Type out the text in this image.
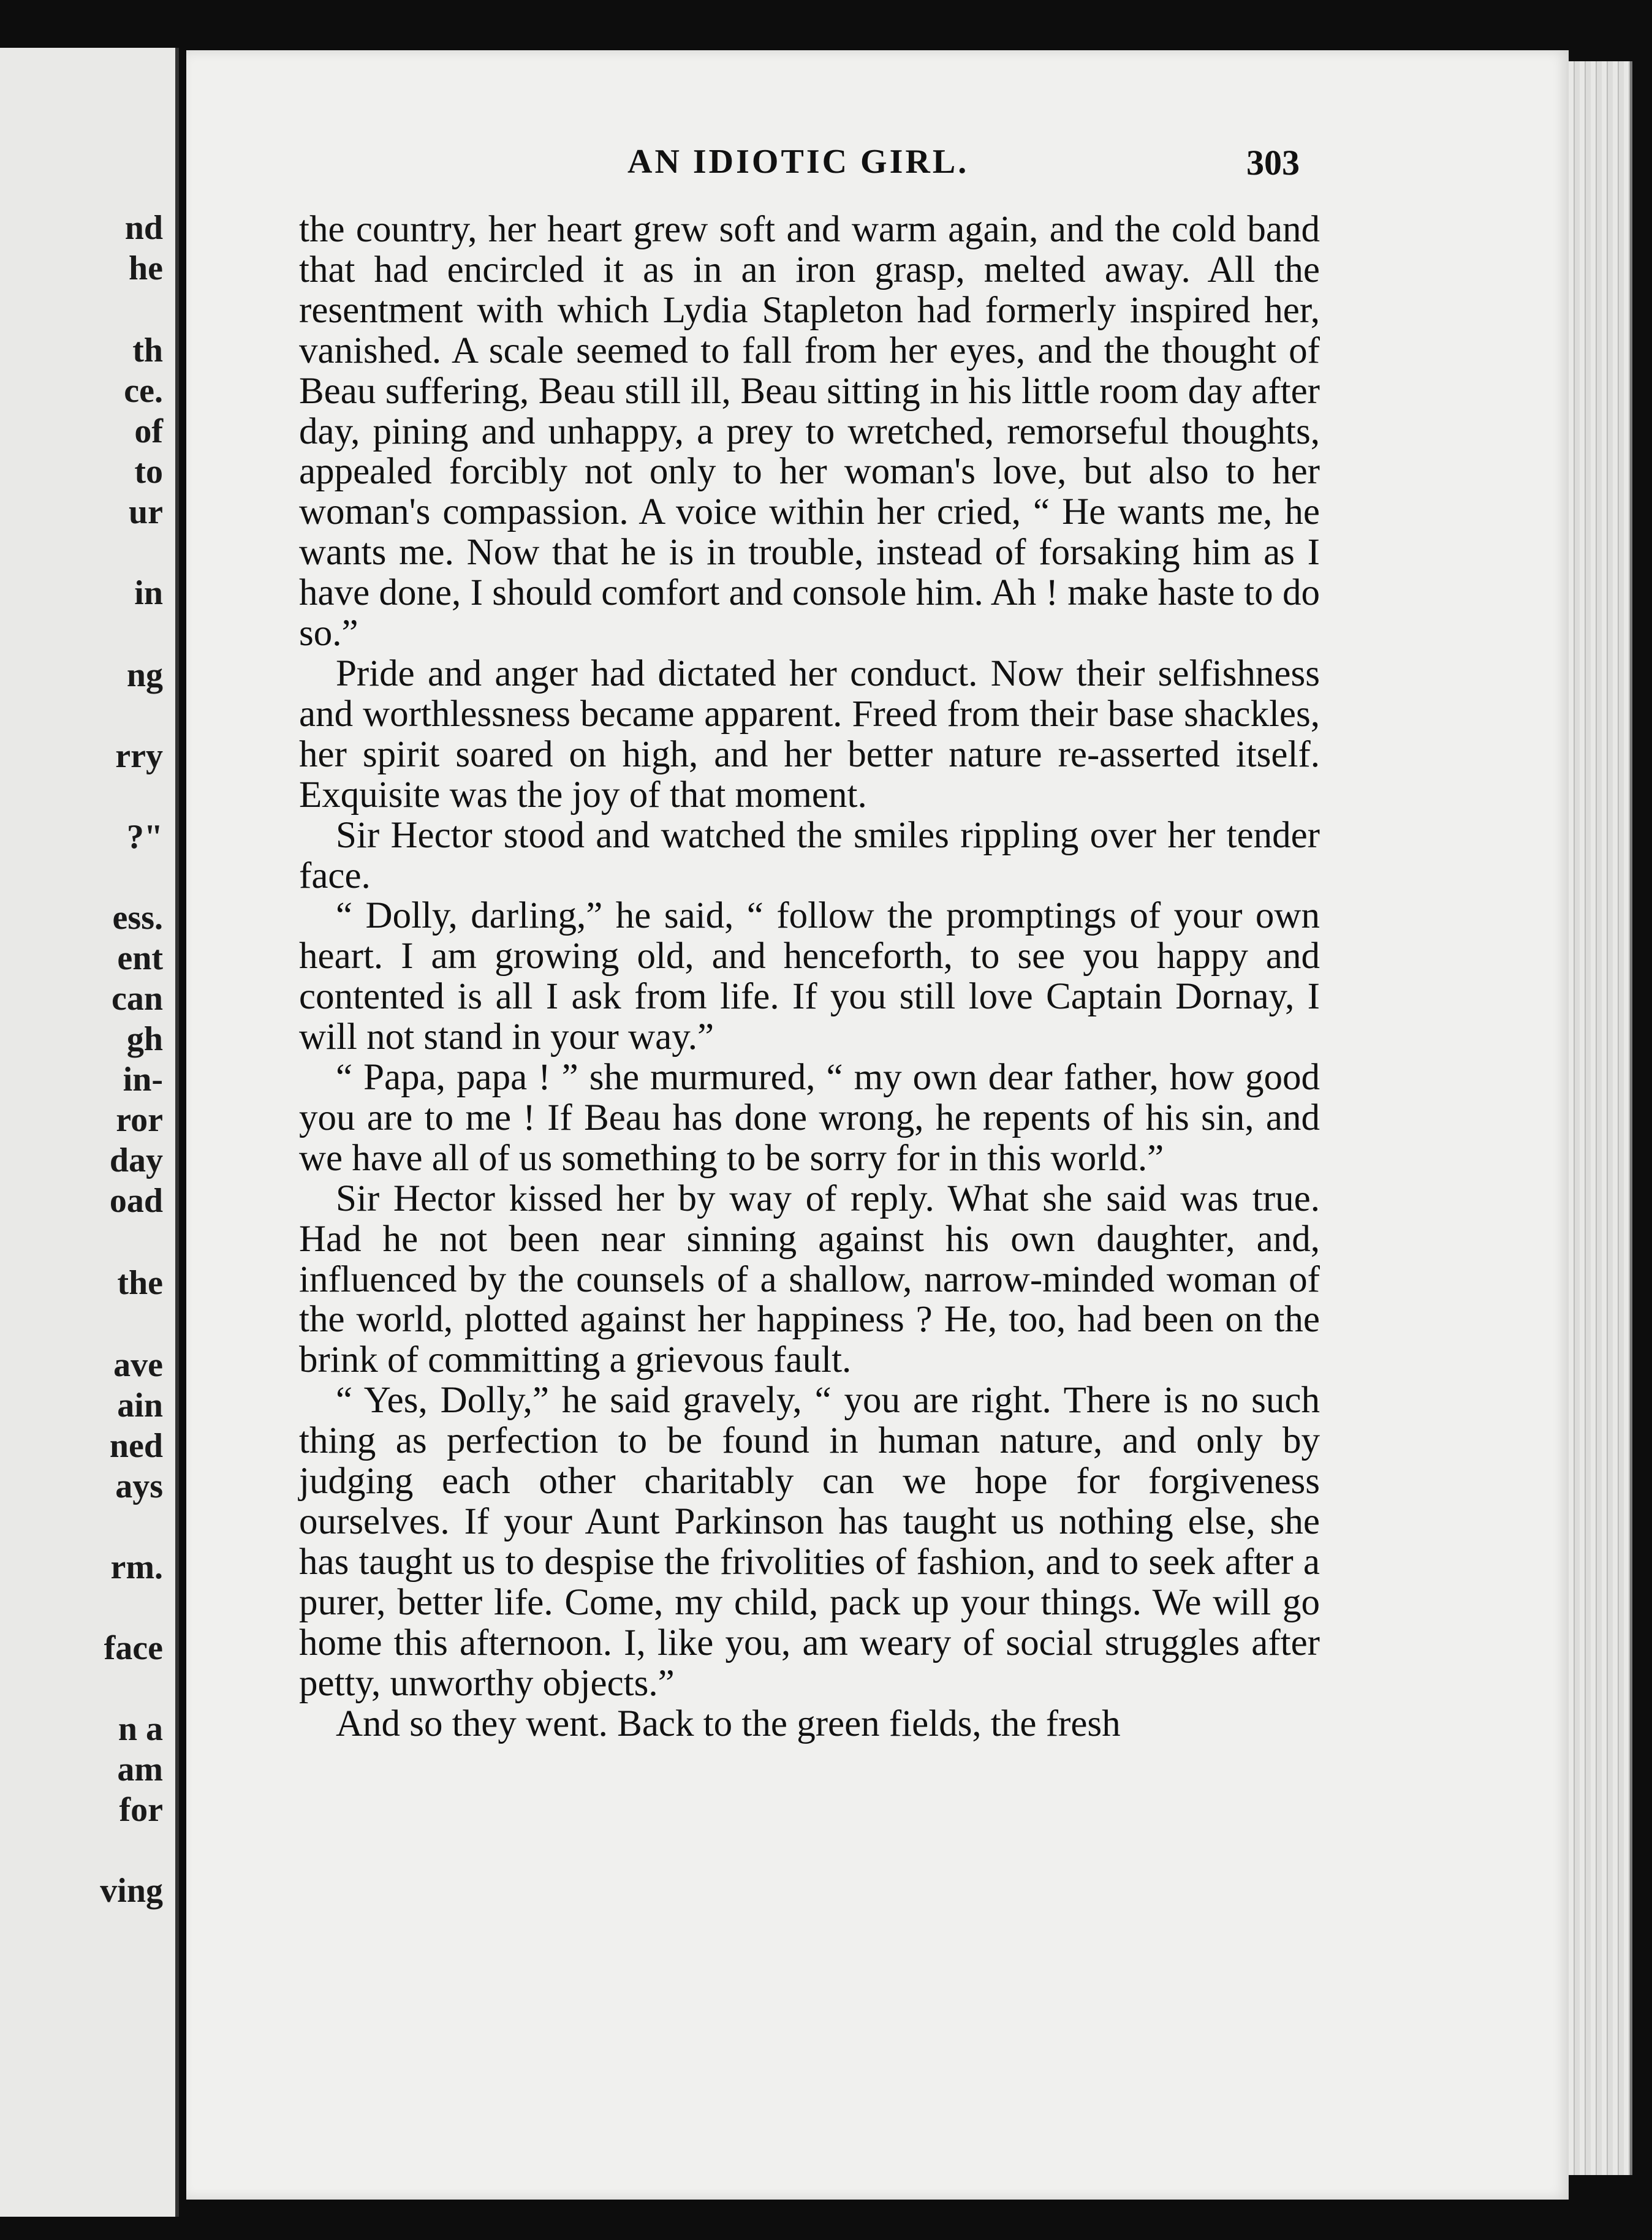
nd
he
th
ce.
of
to
ur
in
ng
rry
?"
ess.
ent
can
gh
in-
ror
day
oad
the
ave
ain
ned
ays
rm.
face
n a
am
for
ving
AN IDIOTIC GIRL.	303

the country, her heart grew soft and warm again, and the cold band that had encircled it as in an iron grasp, melted away. All the resentment with which Lydia Stapleton had formerly inspired her, vanished. A scale seemed to fall from her eyes, and the thought of Beau suffering, Beau still ill, Beau sitting in his little room day after day, pining and unhappy, a prey to wretched, remorseful thoughts, appealed forcibly not only to her woman's love, but also to her woman's compassion. A voice within her cried, “ He wants me, he wants me. Now that he is in trouble, instead of forsaking him as I have done, I should comfort and console him. Ah ! make haste to do so.”

Pride and anger had dictated her conduct. Now their selfishness and worthlessness became apparent. Freed from their base shackles, her spirit soared on high, and her better nature re-asserted itself. Exquisite was the joy of that moment.

Sir Hector stood and watched the smiles rippling over her tender face.

“ Dolly, darling,” he said, “ follow the promptings of your own heart. I am growing old, and henceforth, to see you happy and contented is all I ask from life. If you still love Captain Dornay, I will not stand in your way.”

“ Papa, papa ! ” she murmured, “ my own dear father, how good you are to me ! If Beau has done wrong, he repents of his sin, and we have all of us something to be sorry for in this world.”

Sir Hector kissed her by way of reply. What she said was true. Had he not been near sinning against his own daughter, and, influenced by the counsels of a shallow, narrow-minded woman of the world, plotted against her happiness ? He, too, had been on the brink of committing a grievous fault.

“ Yes, Dolly,” he said gravely, “ you are right. There is no such thing as perfection to be found in human nature, and only by judging each other charitably can we hope for forgiveness ourselves. If your Aunt Parkinson has taught us nothing else, she has taught us to despise the frivolities of fashion, and to seek after a purer, better life. Come, my child, pack up your things. We will go home this afternoon. I, like you, am weary of social struggles after petty, unworthy objects.”

And so they went. Back to the green fields, the fresh
